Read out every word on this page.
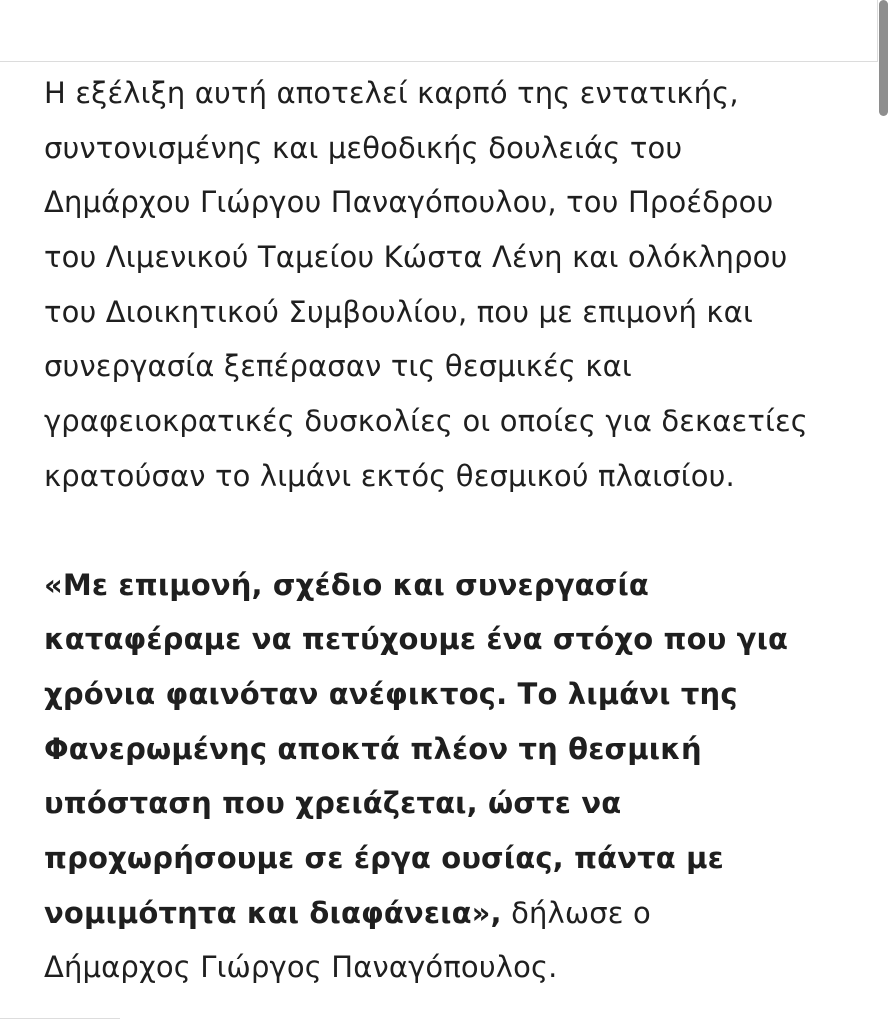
Η εξέλιξη αυτή αποτελεί καρπό της εντατικής,
συντονισμένης και μεθοδικής δουλειάς του
Δημάρχου Γιώργου Παναγόπουλου, του Προέδρου
του Λιμενικού Ταμείου Κώστα Λένη και ολόκληρου
του Διοικητικού Συμβουλίου, που με επιμονή και
συνεργασία ξεπέρασαν τις θεσμικές και
γραφειοκρατικές δυσκολίες οι οποίες για δεκαετίες
κρατούσαν το λιμάνι εκτός θεσμικού πλαισίου.

«Με επιμονή, σχέδιο και συνεργασία
καταφέραμε να πετύχουμε ένα στόχο που για
χρόνια φαινόταν ανέφικτος. Το λιμάνι της
Φανερωμένης αποκτά πλέον τη θεσμική
υπόσταση που χρειάζεται, ώστε να
προχωρήσουμε σε έργα ουσίας, πάντα με
νομιμότητα και διαφάνεια», δήλωσε ο
Δήμαρχος Γιώργος Παναγόπουλος.
